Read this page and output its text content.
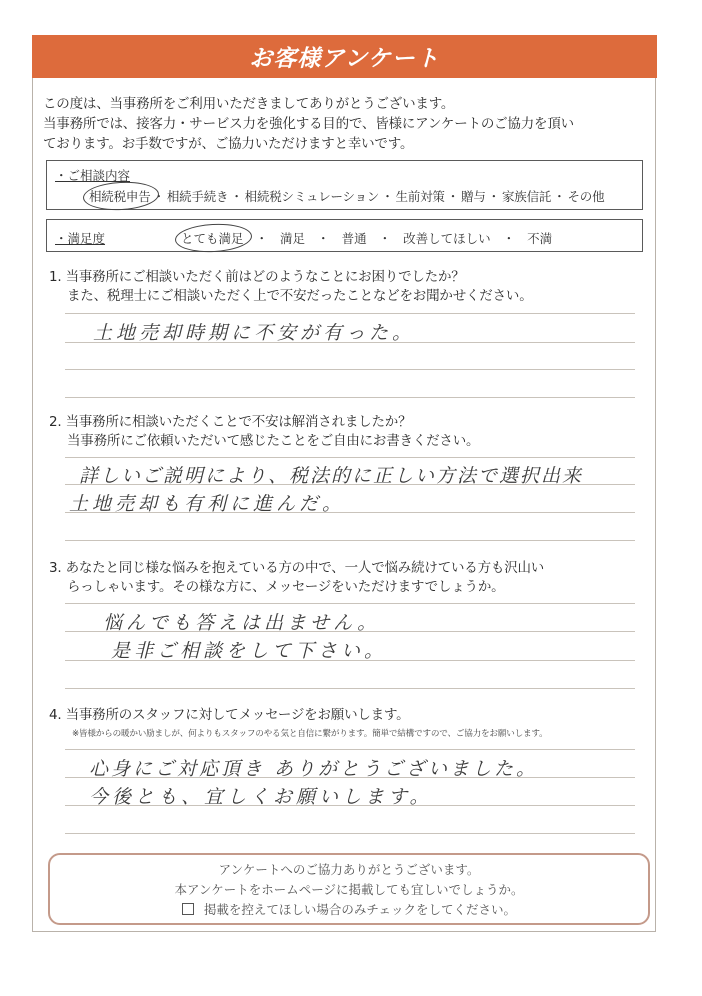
お客様アンケート
この度は、当事務所をご利用いただきましてありがとうございます。
当事務所では、接客力・サービス力を強化する目的で、皆様にアンケートのご協力を頂い
ております。お手数ですが、ご協力いただけますと幸いです。
・ご相談内容
相続税申告 ・ 相続手続き ・ 相続税シミュレーション ・ 生前対策 ・ 贈与 ・ 家族信託 ・ その他
・満足度	とても満足 ・ 満足 ・ 普通 ・ 改善してほしい ・ 不満
1. 当事務所にご相談いただく前はどのようなことにお困りでしたか？
また、税理士にご相談いただく上で不安だったことなどをお聞かせください。
土地売却時期に不安が有った。
2. 当事務所に相談いただくことで不安は解消されましたか？
当事務所にご依頼いただいて感じたことをご自由にお書きください。
詳しいご説明により、税法的に正しい方法で選択出来
土地売却も有利に進んだ。
3. あなたと同じ様な悩みを抱えている方の中で、一人で悩み続けている方も沢山い
らっしゃいます。その様な方に、メッセージをいただけますでしょうか。
悩んでも答えは出ません。
是非ご相談をして下さい。
4. 当事務所のスタッフに対してメッセージをお願いします。
※皆様からの暖かい励ましが、何よりもスタッフのやる気と自信に繋がります。簡単で結構ですので、ご協力をお願いします。
心身にご対応頂き ありがとうございました。
今後とも、宜しくお願いします。
アンケートへのご協力ありがとうございます。
本アンケートをホームページに掲載しても宜しいでしょうか。
掲載を控えてほしい場合のみチェックをしてください。
